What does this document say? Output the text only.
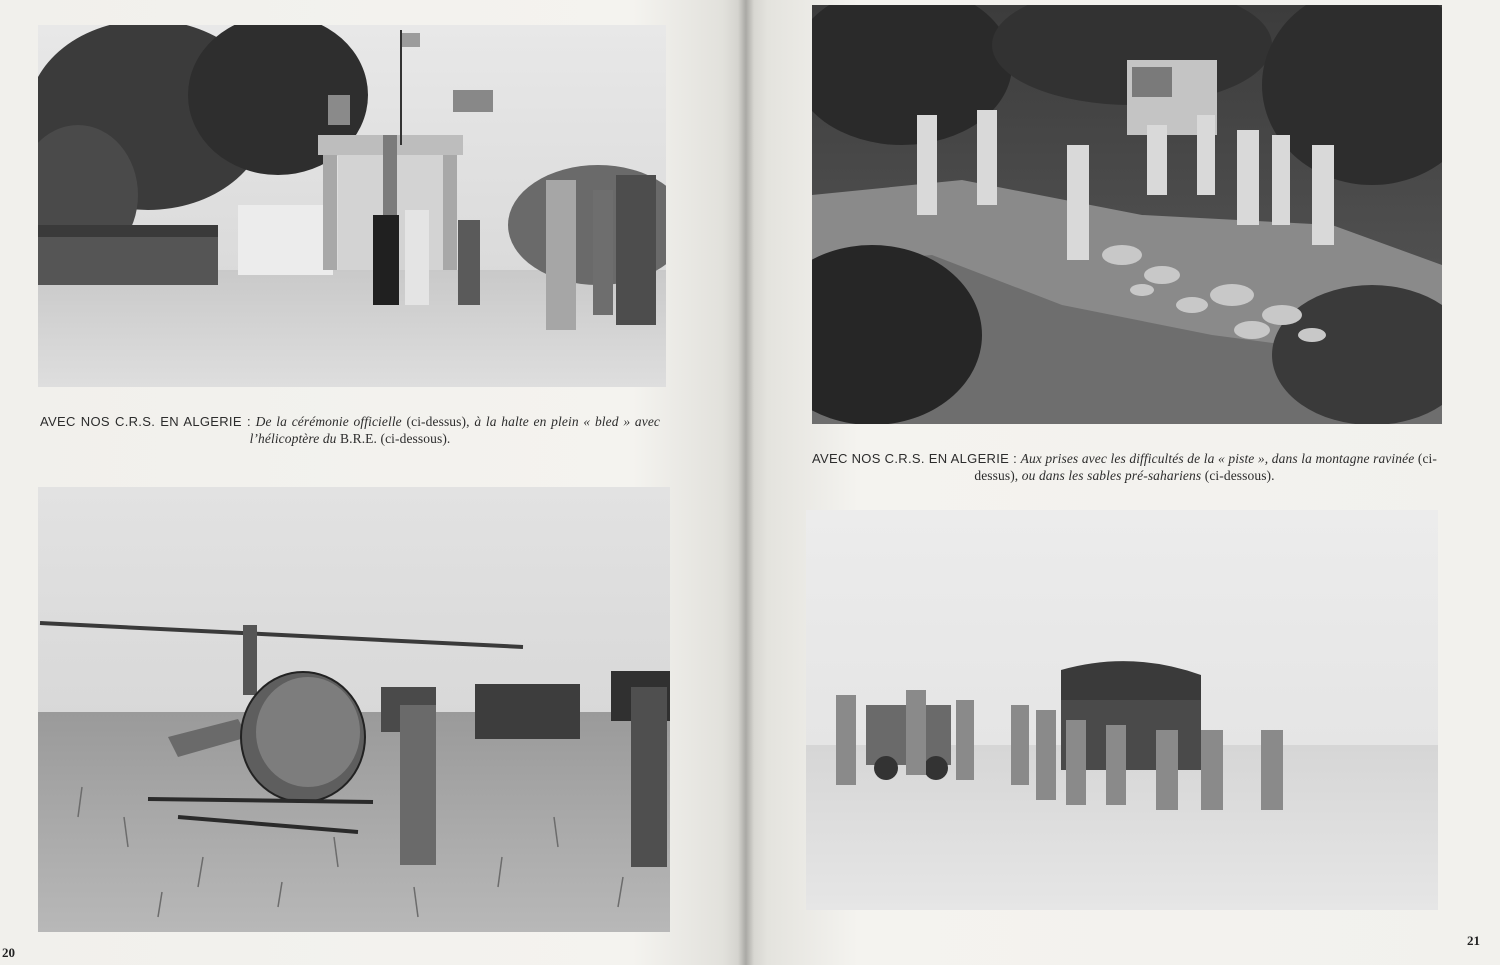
AVEC NOS C.R.S. EN ALGERIE : De la cérémonie officielle (ci-dessus), à la halte en plein « bled » avec l’hélicoptère du B.R.E. (ci-dessous).
20
AVEC NOS C.R.S. EN ALGERIE : Aux prises avec les difficultés de la « piste », dans la montagne ravinée (ci-dessus), ou dans les sables pré-sahariens (ci-dessous).
21
